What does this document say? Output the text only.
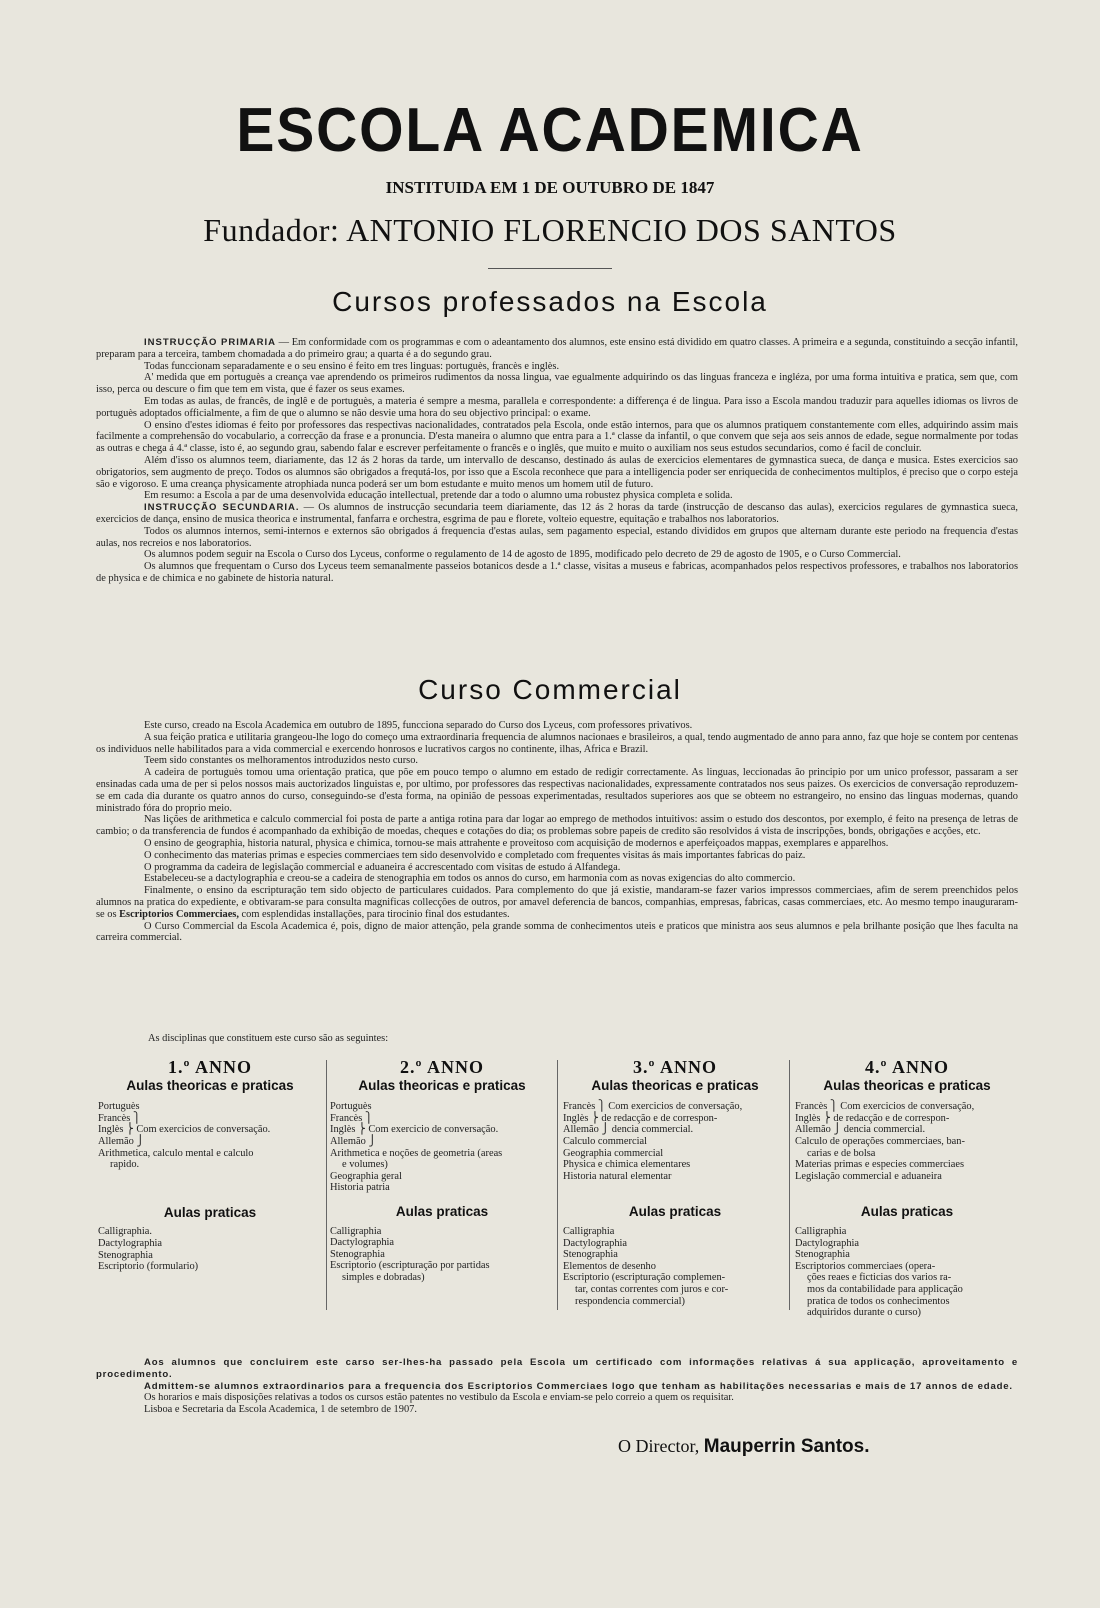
ESCOLA ACADEMICA
INSTITUIDA EM 1 DE OUTUBRO DE 1847
Fundador: ANTONIO FLORENCIO DOS SANTOS
Cursos professados na Escola

INSTRUCÇÃO PRIMARIA — Em conformidade com os programmas e com o adeantamento dos alumnos, este ensino está dividido em quatro classes. A primeira e a segunda, constituindo a secção infantil, preparam para a terceira, tambem chomadada a do primeiro grau; a quarta é a do segundo grau.

Todas funccionam separadamente e o seu ensino é feito em tres linguas: portuguès, francès e inglès.

A' medida que em portuguès a creança vae aprendendo os primeiros rudimentos da nossa lingua, vae egualmente adquirindo os das linguas franceza e ingléza, por uma forma intuitiva e pratica, sem que, com isso, perca ou descure o fim que tem em vista, que é fazer os seus exames.

Em todas as aulas, de francês, de inglê e de portuguès, a materia é sempre a mesma, parallela e correspondente: a differença é de lingua. Para isso a Escola mandou traduzir para aquelles idiomas os livros de portuguès adoptados officialmente, a fim de que o alumno se não desvie uma hora do seu objectivo principal: o exame.

O ensino d'estes idiomas é feito por professores das respectivas nacionalidades, contratados pela Escola, onde estão internos, para que os alumnos pratiquem constantemente com elles, adquirindo assim mais facilmente a comprehensão do vocabulario, a correcção da frase e a pronuncia. D'esta maneira o alumno que entra para a 1.ª classe da infantil, o que convem que seja aos seis annos de edade, segue normalmente por todas as outras e chega á 4.ª classe, isto é, ao segundo grau, sabendo falar e escrever perfeitamente o francês e o inglês, que muito e muito o auxiliam nos seus estudos secundarios, como é facil de concluir.

Além d'isso os alumnos teem, diariamente, das 12 ás 2 horas da tarde, um intervallo de descanso, destinado ás aulas de exercicios elementares de gymnastica sueca, de dança e musica. Estes exercicios sao obrigatorios, sem augmento de preço. Todos os alumnos são obrigados a frequtá-los, por isso que a Escola reconhece que para a intelligencia poder ser enriquecida de conhecimentos multiplos, é preciso que o corpo esteja são e vigoroso. E uma creança physicamente atrophiada nunca poderá ser um bom estudante e muito menos um homem util de futuro.

Em resumo: a Escola a par de uma desenvolvida educação intellectual, pretende dar a todo o alumno uma robustez physica completa e solida.

INSTRUCÇÃO SECUNDARIA. — Os alumnos de instrucção secundaria teem diariamente, das 12 ás 2 horas da tarde (instrucção de descanso das aulas), exercicios regulares de gymnastica sueca, exercicios de dança, ensino de musica theorica e instrumental, fanfarra e orchestra, esgrima de pau e florete, volteio equestre, equitação e trabalhos nos laboratorios.

Todos os alumnos internos, semi-internos e externos são obrigados á frequencia d'estas aulas, sem pagamento especial, estando divididos em grupos que alternam durante este periodo na frequencia d'estas aulas, nos recreios e nos laboratorios.

Os alumnos podem seguir na Escola o Curso dos Lyceus, conforme o regulamento de 14 de agosto de 1895, modificado pelo decreto de 29 de agosto de 1905, e o Curso Commercial.

Os alumnos que frequentam o Curso dos Lyceus teem semanalmente passeios botanicos desde a 1.ª classe, visitas a museus e fabricas, acompanhados pelos respectivos professores, e trabalhos nos laboratorios de physica e de chimica e no gabinete de historia natural.

Curso Commercial

Este curso, creado na Escola Academica em outubro de 1895, funcciona separado do Curso dos Lyceus, com professores privativos.

A sua feição pratica e utilitaria grangeou-lhe logo do começo uma extraordinaria frequencia de alumnos nacionaes e brasileiros, a qual, tendo augmentado de anno para anno, faz que hoje se contem por centenas os individuos nelle habilitados para a vida commercial e exercendo honrosos e lucrativos cargos no continente, ilhas, Africa e Brazil.

Teem sido constantes os melhoramentos introduzidos nesto curso.

A cadeira de portuguès tomou uma orientação pratica, que põe em pouco tempo o alumno em estado de redigir correctamente. As linguas, leccionadas ão principio por um unico professor, passaram a ser ensinadas cada uma de per si pelos nossos mais auctorizados linguistas e, por ultimo, por professores das respectivas nacionalidades, expressamente contratados nos seus paizes. Os exercicios de conversação reproduzem-se em cada dia durante os quatro annos do curso, conseguindo-se d'esta forma, na opinião de pessoas experimentadas, resultados superiores aos que se obteem no estrangeiro, no ensino das linguas modernas, quando ministrado fóra do proprio meio.

Nas lições de arithmetica e calculo commercial foi posta de parte a antiga rotina para dar logar ao emprego de methodos intuitivos: assim o estudo dos descontos, por exemplo, é feito na presença de letras de cambio; o da transferencia de fundos é acompanhado da exhibição de moedas, cheques e cotações do dia; os problemas sobre papeis de credito são resolvidos á vista de inscripções, bonds, obrigações e acções, etc.

O ensino de geographia, historia natural, physica e chimica, tornou-se mais attrahente e proveitoso com acquisição de modernos e aperfeiçoados mappas, exemplares e apparelhos.

O conhecimento das materias primas e especies commerciaes tem sido desenvolvido e completado com frequentes visitas ás mais importantes fabricas do paiz.

O programma da cadeira de legislação commercial e aduaneira é accrescentado com visitas de estudo á Alfandega.

Estabeleceu-se a dactylographia e creou-se a cadeira de stenographia em todos os annos do curso, em harmonia com as novas exigencias do alto commercio.

Finalmente, o ensino da escripturação tem sido objecto de particulares cuidados. Para complemento do que já existie, mandaram-se fazer varios impressos commerciaes, afim de serem preenchidos pelos alumnos na pratica do expediente, e obtivaram-se para consulta magnificas collecções de outros, por amavel deferencia de bancos, companhias, empresas, fabricas, casas commerciaes, etc. Ao mesmo tempo inauguraram-se os Escriptorios Commerciaes, com esplendidas installações, para tirocinio final dos estudantes.

O Curso Commercial da Escola Academica é, pois, digno de maior attenção, pela grande somma de conhecimentos uteis e praticos que ministra aos seus alumnos e pela brilhante posição que lhes faculta na carreira commercial.

As disciplinas que constituem este curso são as seguintes:
1.º ANNO
Aulas theoricas e praticas
Portuguès
Francès ⎫
Inglès ⎬ Com exercicios de conversação.
Allemão ⎭
Arithmetica, calculo mental e calculo
rapido.
Aulas praticas
Calligraphia.
Dactylographia
Stenographia
Escriptorio (formulario)
2.º ANNO
Aulas theoricas e praticas
Portuguès
Francès ⎫
Inglès ⎬ Com exercicio de conversação.
Allemão ⎭
Arithmetica e noções de geometria (areas
e volumes)
Geographia geral
Historia patria
Aulas praticas
Calligraphia
Dactylographia
Stenographia
Escriptorio (escripturação por partidas
simples e dobradas)
3.º ANNO
Aulas theoricas e praticas
Francès ⎫ Com exercicios de conversação,
Inglès ⎬ de redacção e de correspon-
Allemão ⎭ dencia commercial.
Calculo commercial
Geographia commercial
Physica e chimica elementares
Historia natural elementar
Aulas praticas
Calligraphia
Dactylographia
Stenographia
Elementos de desenho
Escriptorio (escripturação complemen-
tar, contas correntes com juros e cor-
respondencia commercial)
4.º ANNO
Aulas theoricas e praticas
Francès ⎫ Com exercicios de conversação,
Inglès ⎬ de redacção e de correspon-
Allemão ⎭ dencia commercial.
Calculo de operações commerciaes, ban-
carias e de bolsa
Materias primas e especies commerciaes
Legislação commercial e aduaneira
Aulas praticas
Calligraphia
Dactylographia
Stenographia
Escriptorios commerciaes (opera-
ções reaes e ficticias dos varios ra-
mos da contabilidade para applicação
pratica de todos os conhecimentos
adquiridos durante o curso)

Aos alumnos que concluirem este carso ser-lhes-ha passado pela Escola um certificado com informações relativas á sua applicação, aproveitamento e procedimento.

Admittem-se alumnos extraordinarios para a frequencia dos Escriptorios Commerciaes logo que tenham as habilitações necessarias e mais de 17 annos de edade.

Os horarios e mais disposições relativas a todos os cursos estão patentes no vestibulo da Escola e enviam-se pelo correio a quem os requisitar.

Lisboa e Secretaria da Escola Academica, 1 de setembro de 1907.

O Director, Mauperrin Santos.
